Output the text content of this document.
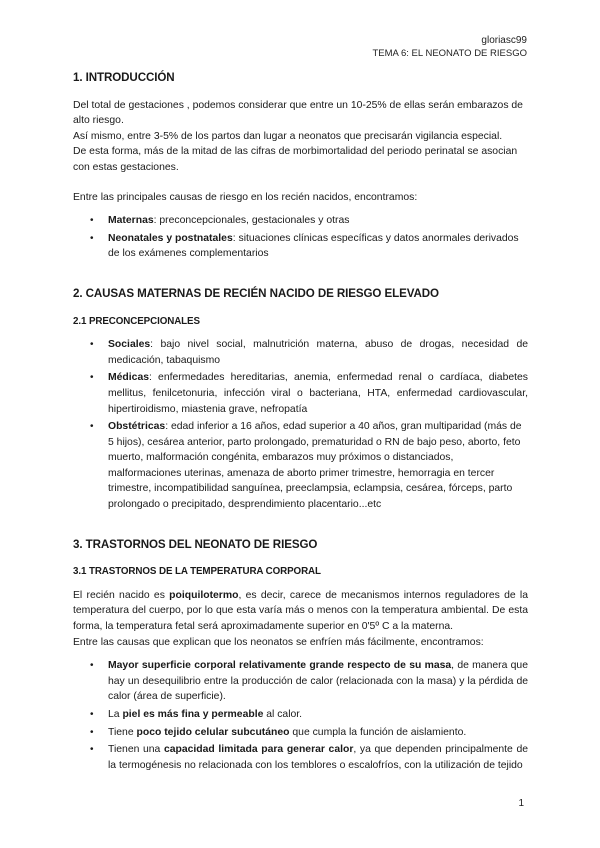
gloriasc99
TEMA 6: EL NEONATO DE RIESGO
1. INTRODUCCIÓN

Del total de gestaciones , podemos considerar que entre un 10-25% de ellas serán embarazos de alto riesgo.

Así mismo, entre 3-5% de los partos dan lugar a neonatos que precisarán vigilancia especial.

De esta forma, más de la mitad de las cifras de morbimortalidad del periodo perinatal se asocian con estas gestaciones.

Entre las principales causas de riesgo en los recién nacidos, encontramos:

• Maternas: preconcepcionales, gestacionales y otras
• Neonatales y postnatales: situaciones clínicas específicas y datos anormales derivados de los exámenes complementarios
2. CAUSAS MATERNAS DE RECIÉN NACIDO DE RIESGO ELEVADO
2.1 PRECONCEPCIONALES
• Sociales: bajo nivel social, malnutrición materna, abuso de drogas, necesidad de medicación, tabaquismo
• Médicas: enfermedades hereditarias, anemia, enfermedad renal o cardíaca, diabetes mellitus, fenilcetonuria, infección viral o bacteriana, HTA, enfermedad cardiovascular, hipertiroidismo, miastenia grave, nefropatía
• Obstétricas: edad inferior a 16 años, edad superior a 40 años, gran multiparidad (más de 5 hijos), cesárea anterior, parto prolongado, prematuridad o RN de bajo peso, aborto, feto muerto, malformación congénita, embarazos muy próximos o distanciados, malformaciones uterinas, amenaza de aborto primer trimestre, hemorragia en tercer trimestre, incompatibilidad sanguínea, preeclampsia, eclampsia, cesárea, fórceps, parto prolongado o precipitado, desprendimiento placentario...etc
3. TRASTORNOS DEL NEONATO DE RIESGO
3.1 TRASTORNOS DE LA TEMPERATURA CORPORAL

El recién nacido es poiquilotermo, es decir, carece de mecanismos internos reguladores de la temperatura del cuerpo, por lo que esta varía más o menos con la temperatura ambiental. De esta forma, la temperatura fetal será aproximadamente superior en 0'5º C a la materna.

Entre las causas que explican que los neonatos se enfríen más fácilmente, encontramos:

• Mayor superficie corporal relativamente grande respecto de su masa, de manera que hay un desequilibrio entre la producción de calor (relacionada con la masa) y la pérdida de calor (área de superficie).
• La piel es más fina y permeable al calor.
• Tiene poco tejido celular subcutáneo que cumpla la función de aislamiento.
• Tienen una capacidad limitada para generar calor, ya que dependen principalmente de la termogénesis no relacionada con los temblores o escalofríos, con la utilización de tejido
1
